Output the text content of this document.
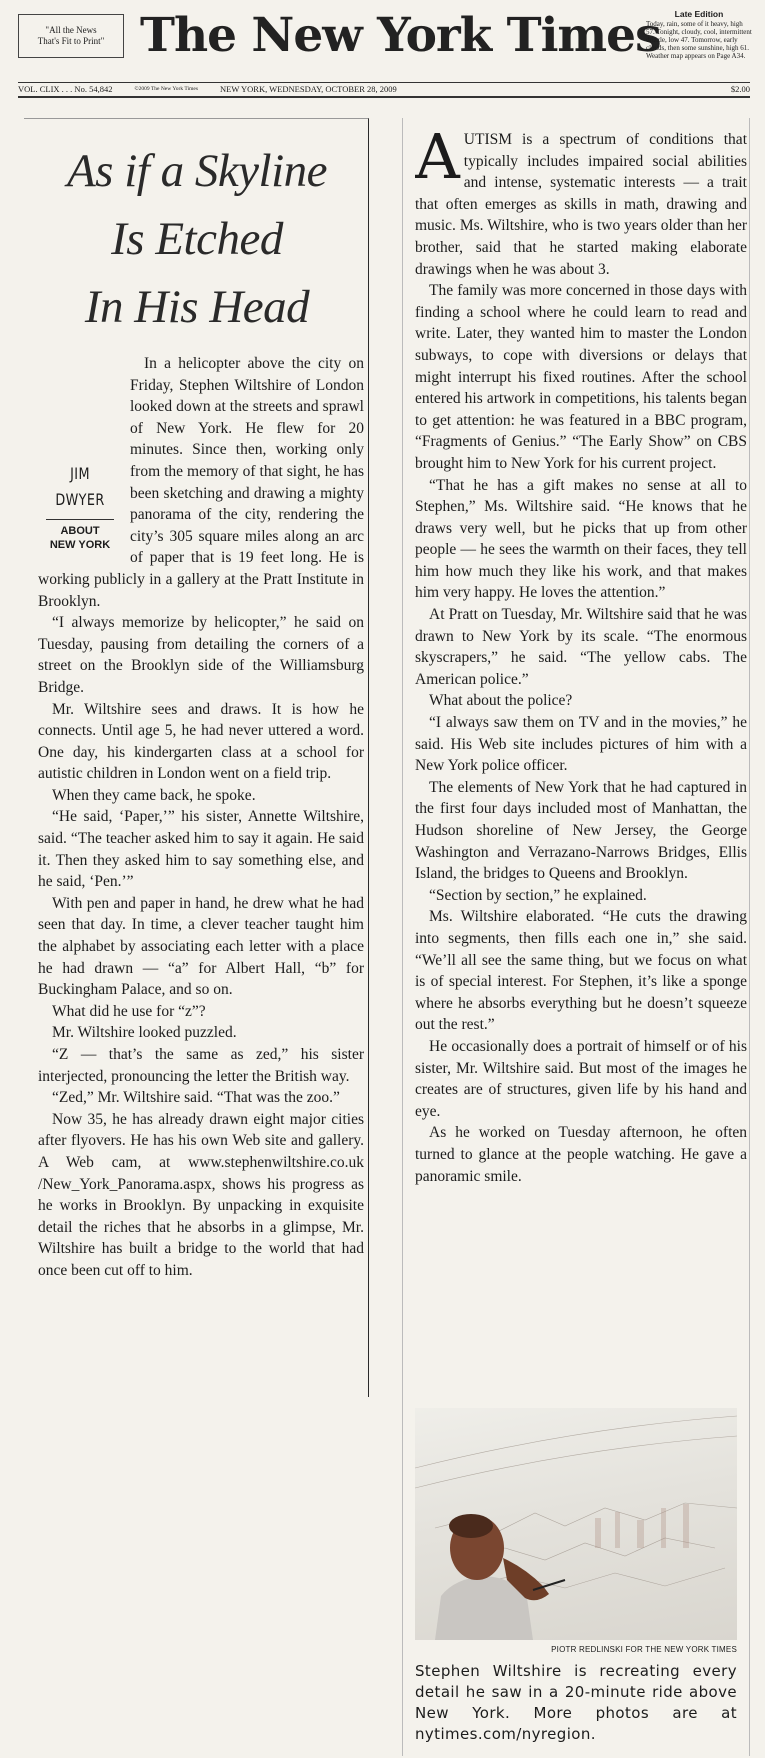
"All the News
That's Fit to Print" The New York Times	Late Edition
Today, rain, some of it heavy, high 57. Tonight, cloudy, cool, intermittent drizzle, low 47. Tomorrow, early clouds, then some sunshine, high 61. Weather map appears on Page A34.
VOL. CLIX . . . No. 54,842	©2009 The New York Times	NEW YORK, WEDNESDAY, OCTOBER 28, 2009	$2.00
As if a Skyline
Is Etched
In His Head
JIM
DWYER
ABOUT
NEW YORK

In a helicopter above the city on Friday, Stephen Wiltshire of London looked down at the streets and sprawl of New York. He flew for 20 minutes. Since then, working only from the memory of that sight, he has been sketching and drawing a mighty panorama of the city, rendering the city’s 305 square miles along an arc of paper that is 19 feet long. He is working publicly in a gallery at the Pratt Institute in Brooklyn.

“I always memorize by helicopter,” he said on Tuesday, pausing from detailing the corners of a street on the Brooklyn side of the Williamsburg Bridge.

Mr. Wiltshire sees and draws. It is how he connects. Until age 5, he had never uttered a word. One day, his kindergarten class at a school for autistic children in London went on a field trip.

When they came back, he spoke.

“He said, ‘Paper,’” his sister, Annette Wiltshire, said. “The teacher asked him to say it again. He said it. Then they asked him to say something else, and he said, ‘Pen.’”

With pen and paper in hand, he drew what he had seen that day. In time, a clever teacher taught him the alphabet by associating each letter with a place he had drawn — “a” for Albert Hall, “b” for Buckingham Palace, and so on.

What did he use for “z”?

Mr. Wiltshire looked puzzled.

“Z — that’s the same as zed,” his sister interjected, pronouncing the letter the British way.

“Zed,” Mr. Wiltshire said. “That was the zoo.”

Now 35, he has already drawn eight major cities after flyovers. He has his own Web site and gallery. A Web cam, at www.stephenwiltshire.co.uk /New_York_Panorama.aspx, shows his progress as he works in Brooklyn. By unpacking in exquisite detail the riches that he absorbs in a glimpse, Mr. Wiltshire has built a bridge to the world that had once been cut off to him.

AUTISM is a spectrum of conditions that typically includes impaired social abilities and intense, systematic interests — a trait that often emerges as skills in math, drawing and music. Ms. Wiltshire, who is two years older than her brother, said that he started making elaborate drawings when he was about 3.

The family was more concerned in those days with finding a school where he could learn to read and write. Later, they wanted him to master the London subways, to cope with diversions or delays that might interrupt his fixed routines. After the school entered his artwork in competitions, his talents began to get attention: he was featured in a BBC program, “Fragments of Genius.” “The Early Show” on CBS brought him to New York for his current project.

“That he has a gift makes no sense at all to Stephen,” Ms. Wiltshire said. “He knows that he draws very well, but he picks that up from other people — he sees the warmth on their faces, they tell him how much they like his work, and that makes him very happy. He loves the attention.”

At Pratt on Tuesday, Mr. Wiltshire said that he was drawn to New York by its scale. “The enormous skyscrapers,” he said. “The yellow cabs. The American police.”

What about the police?

“I always saw them on TV and in the movies,” he said. His Web site includes pictures of him with a New York police officer.

The elements of New York that he had captured in the first four days included most of Manhattan, the Hudson shoreline of New Jersey, the George Washington and Verrazano-Narrows Bridges, Ellis Island, the bridges to Queens and Brooklyn.

“Section by section,” he explained.

Ms. Wiltshire elaborated. “He cuts the drawing into segments, then fills each one in,” she said. “We’ll all see the same thing, but we focus on what is of special interest. For Stephen, it’s like a sponge where he absorbs everything but he doesn’t squeeze out the rest.”

He occasionally does a portrait of himself or of his sister, Mr. Wiltshire said. But most of the images he creates are of structures, given life by his hand and eye.

As he worked on Tuesday afternoon, he often turned to glance at the people watching. He gave a panoramic smile.

PIOTR REDLINSKI FOR THE NEW YORK TIMES

Stephen Wiltshire is recreating every detail he saw in a 20-minute ride above New York. More photos are at nytimes.com/nyregion.
